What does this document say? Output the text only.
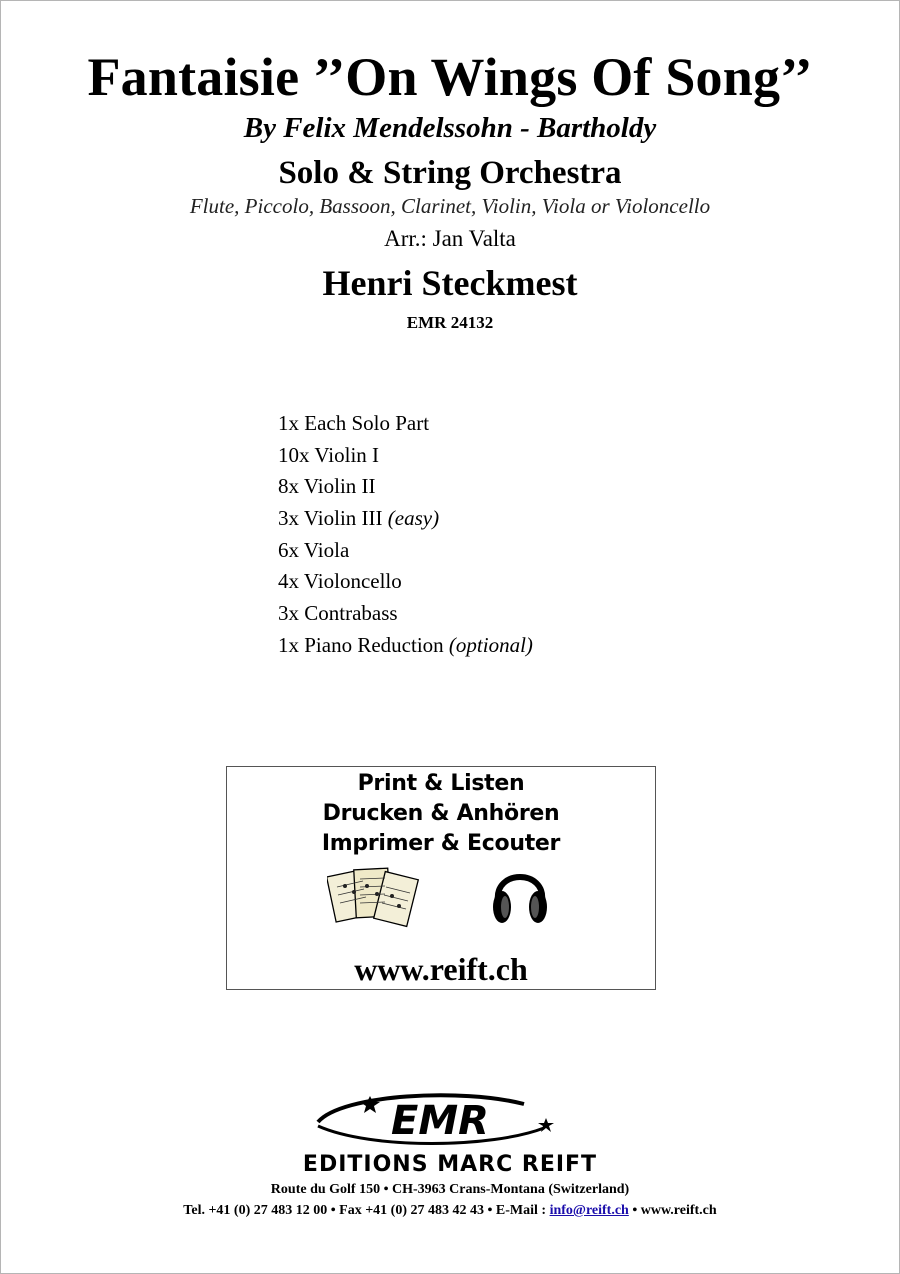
Fantaisie ’’On Wings Of Song’’
By Felix Mendelssohn - Bartholdy
Solo & String Orchestra
Flute, Piccolo, Bassoon, Clarinet, Violin, Viola or Violoncello
Arr.: Jan Valta
Henri Steckmest
EMR 24132
1x Each Solo Part
10x Violin I
8x Violin II
3x Violin III (easy)
6x Viola
4x Violoncello
3x Contrabass
1x Piano Reduction (optional)
Print & Listen
Drucken & Anhören
Imprimer & Ecouter
www.reift.ch
EMR
EDITIONS MARC REIFT
Route du Golf 150 • CH-3963 Crans-Montana (Switzerland)
Tel. +41 (0) 27 483 12 00 • Fax +41 (0) 27 483 42 43 • E-Mail : info@reift.ch • www.reift.ch
